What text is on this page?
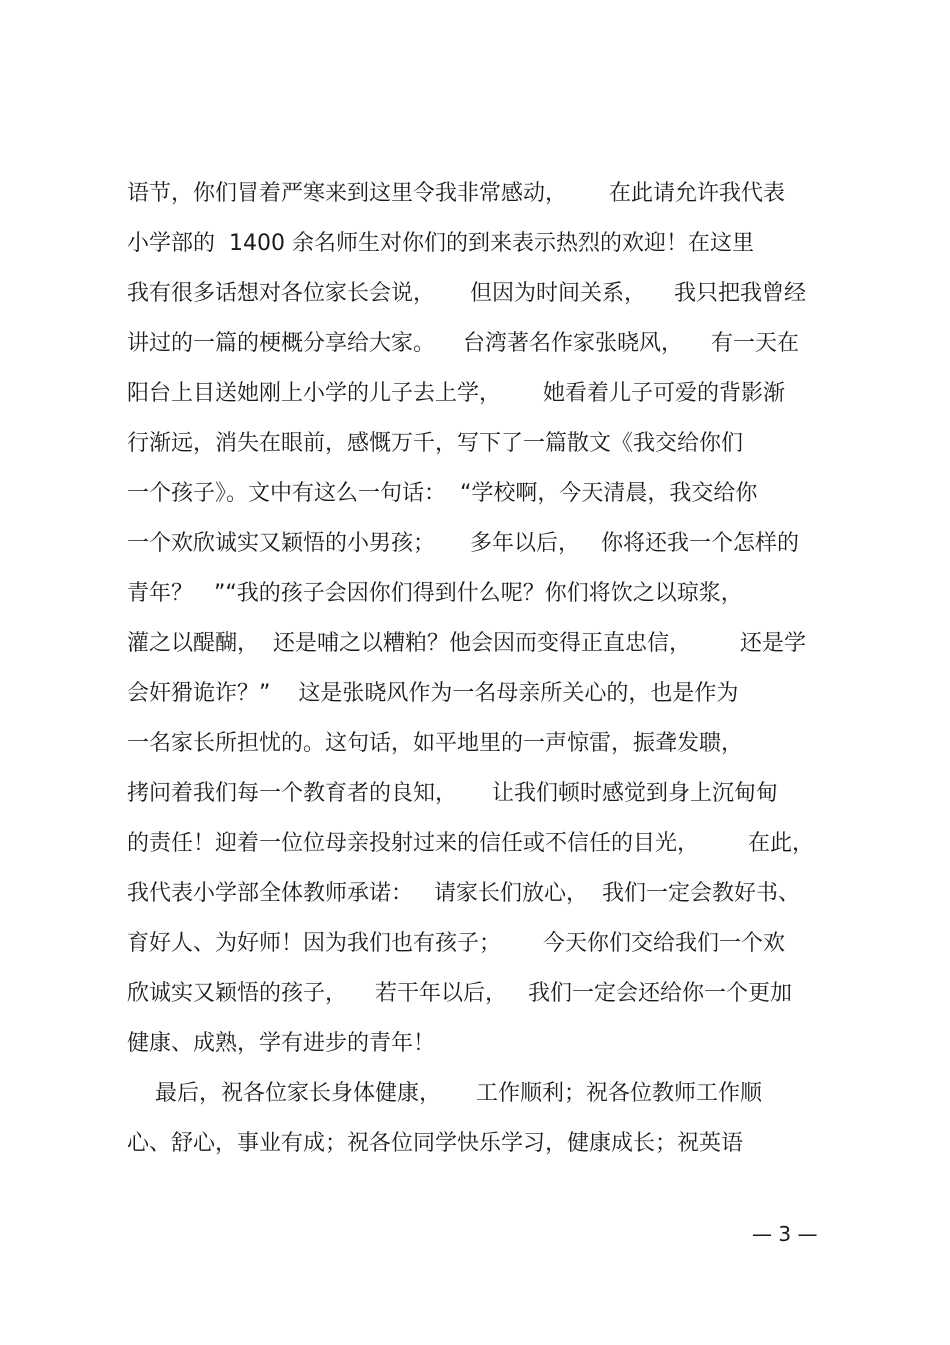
语节，你们冒着严寒来到这里令我非常感动，      在此请允许我代表
小学部的  1400 余名师生对你们的到来表示热烈的欢迎！在这里
我有很多话想对各位家长会说，     但因为时间关系，    我只把我曾经
讲过的一篇的梗概分享给大家。    台湾著名作家张晓风，    有一天在
阳台上目送她刚上小学的儿子去上学，      她看着儿子可爱的背影渐
行渐远，消失在眼前，感慨万千，写下了一篇散文《我交给你们
一个孩子》。文中有这么一句话：  “学校啊，今天清晨，我交给你
一个欢欣诚实又颖悟的小男孩；     多年以后，   你将还我一个怎样的
青年？   ”“我的孩子会因你们得到什么呢？你们将饮之以琼浆，
灌之以醍醐，  还是哺之以糟粕？他会因而变得正直忠信，       还是学
会奸猾诡诈？”    这是张晓风作为一名母亲所关心的，也是作为
一名家长所担忧的。这句话，如平地里的一声惊雷，振聋发聩，
拷问着我们每一个教育者的良知，     让我们顿时感觉到身上沉甸甸
的责任！迎着一位位母亲投射过来的信任或不信任的目光，       在此，
我代表小学部全体教师承诺：   请家长们放心，  我们一定会教好书、
育好人、为好师！因为我们也有孩子；      今天你们交给我们一个欢
欣诚实又颖悟的孩子，    若干年以后，   我们一定会还给你一个更加
健康、成熟，学有进步的青年！
最后，祝各位家长身体健康，     工作顺利；祝各位教师工作顺
心、舒心，事业有成；祝各位同学快乐学习，健康成长；祝英语
— 3 —
